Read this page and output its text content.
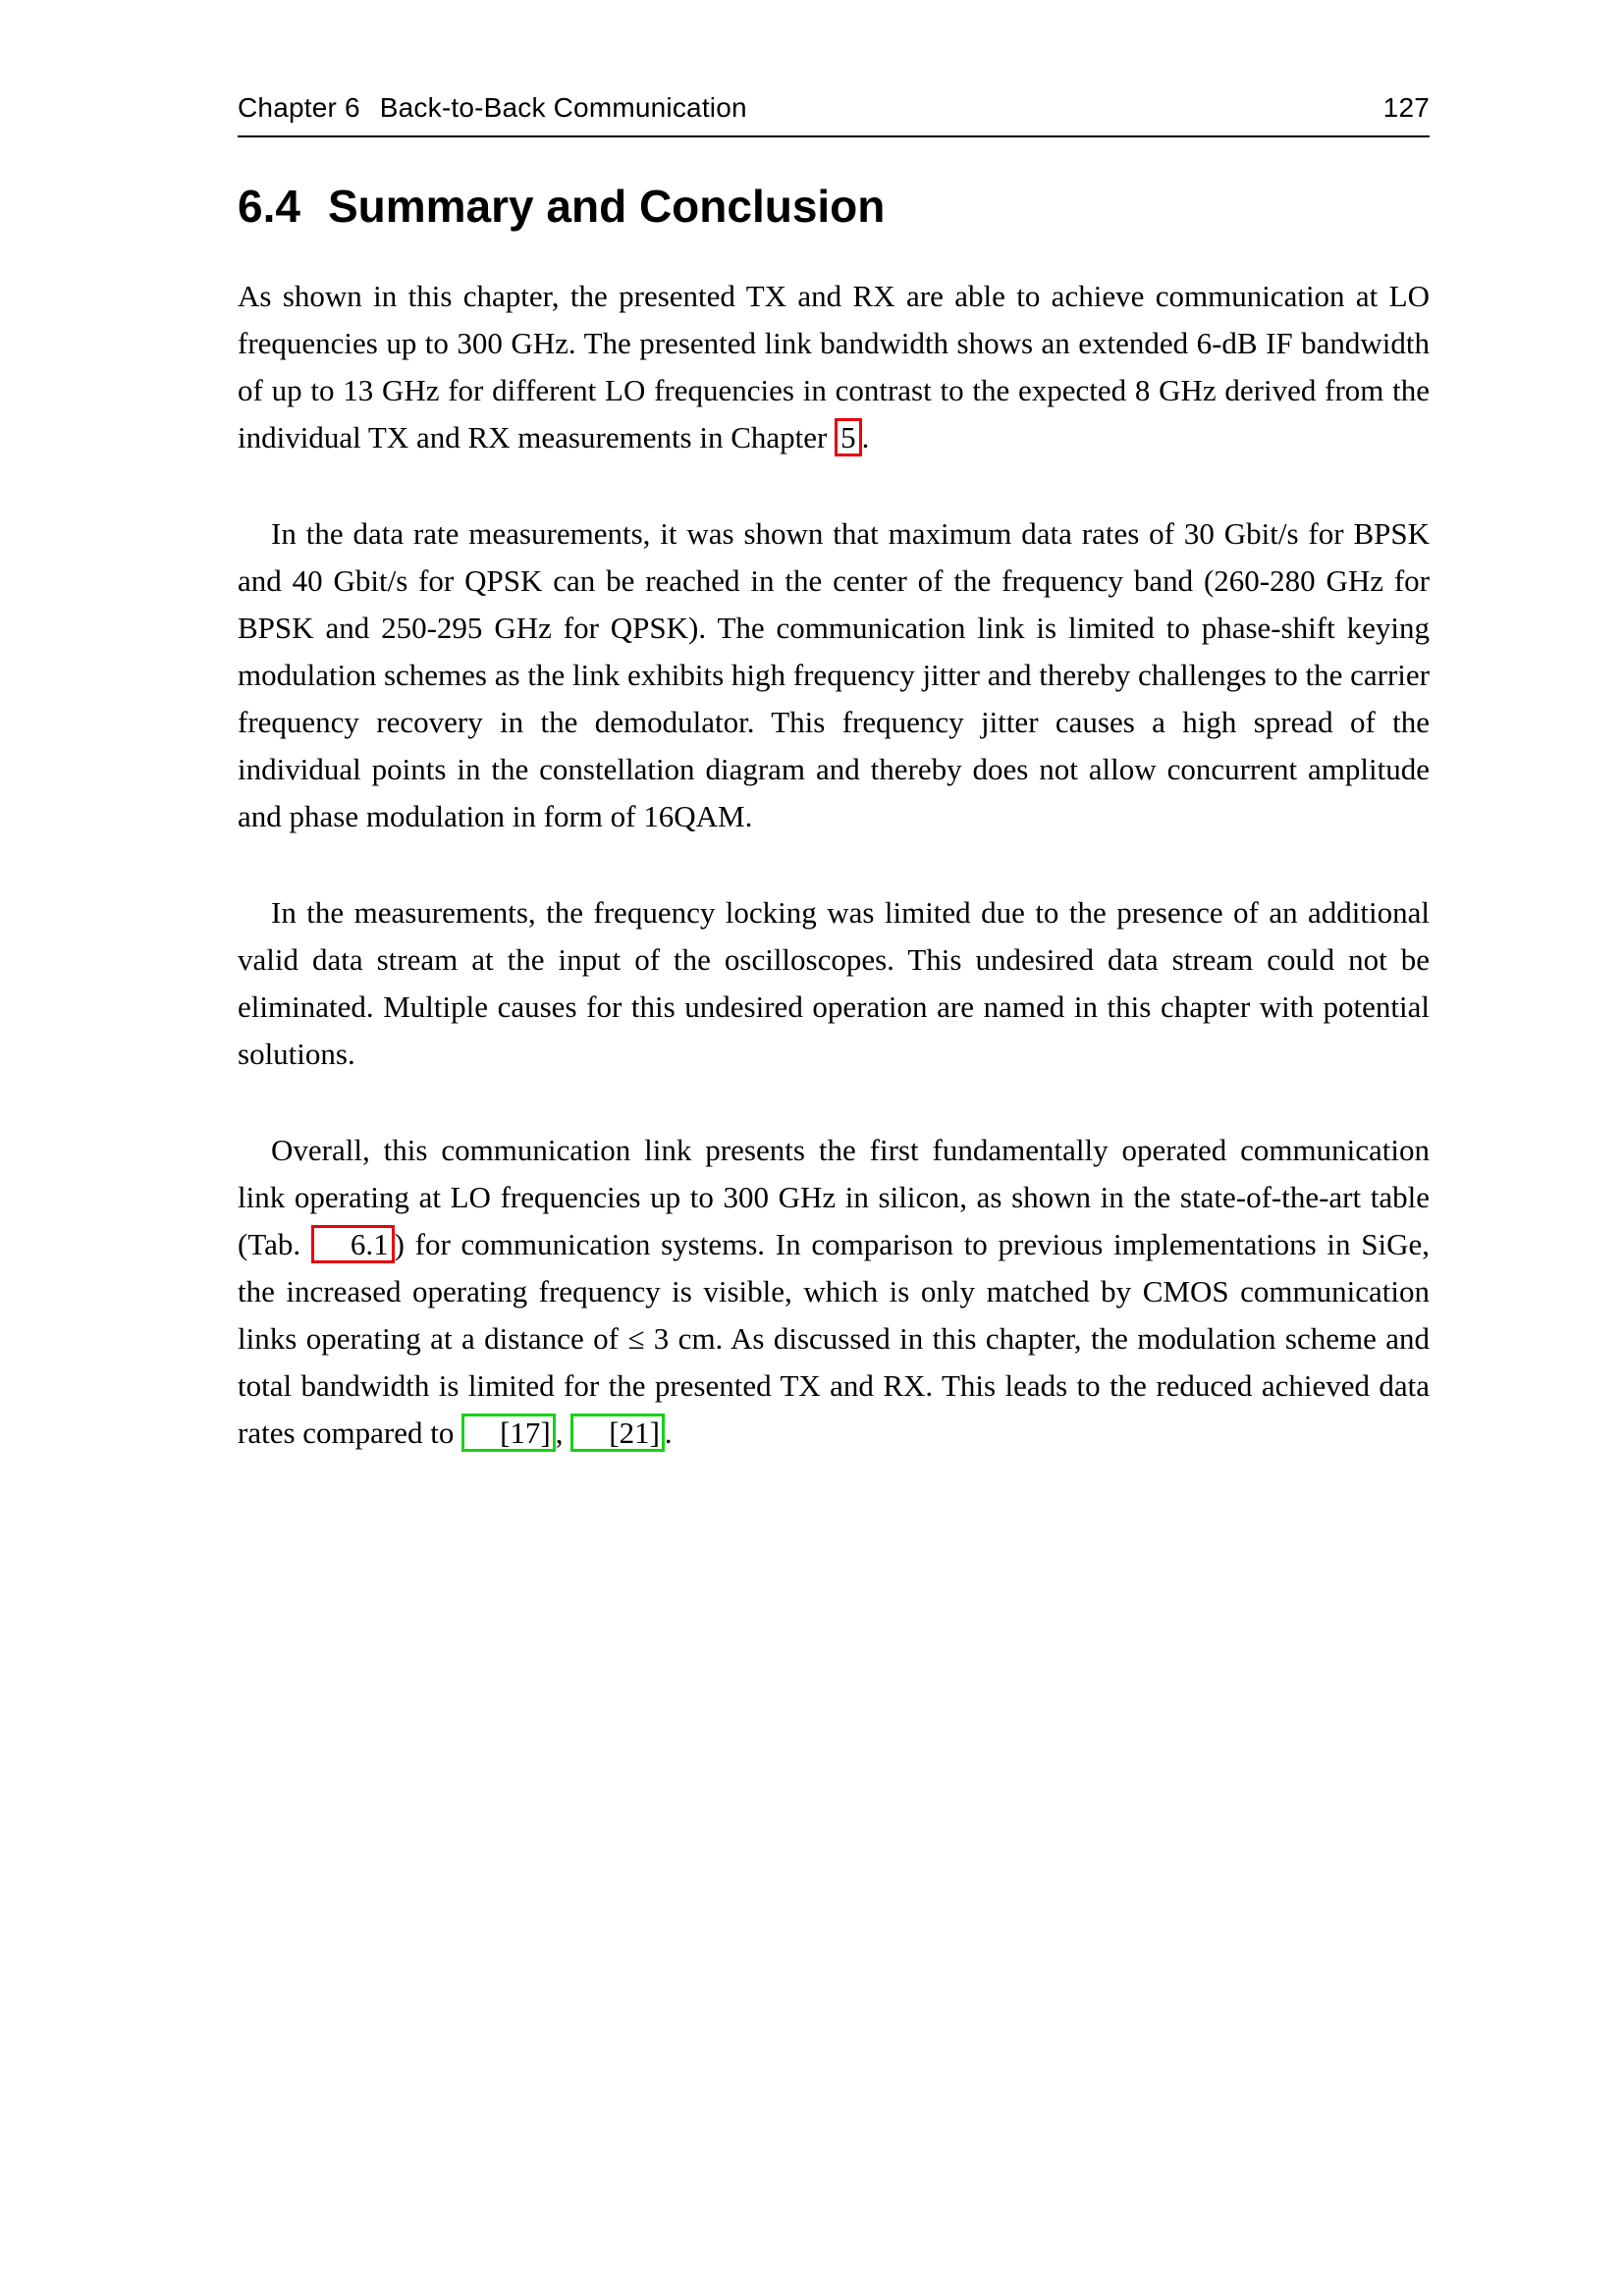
Chapter 6 Back-to-Back Communication	127
6.4 Summary and Conclusion

As shown in this chapter, the presented TX and RX are able to achieve communication at LO frequencies up to 300 GHz. The presented link bandwidth shows an extended 6-dB IF bandwidth of up to 13 GHz for different LO frequencies in contrast to the expected 8 GHz derived from the individual TX and RX measurements in Chapter 5 .

In the data rate measurements, it was shown that maximum data rates of 30 Gbit/s for BPSK and 40 Gbit/s for QPSK can be reached in the center of the frequency band (260-280 GHz for BPSK and 250-295 GHz for QPSK). The communication link is limited to phase-shift keying modulation schemes as the link exhibits high frequency jitter and thereby challenges to the carrier frequency recovery in the demodulator. This frequency jitter causes a high spread of the individual points in the constellation diagram and thereby does not allow concurrent amplitude and phase modulation in form of 16QAM.

In the measurements, the frequency locking was limited due to the presence of an additional valid data stream at the input of the oscilloscopes. This undesired data stream could not be eliminated. Multiple causes for this undesired operation are named in this chapter with potential solutions.

Overall, this communication link presents the first fundamentally operated communication link operating at LO frequencies up to 300 GHz in silicon, as shown in the state-of-the-art table (Tab. 6.1 ) for communication systems. In comparison to previous implementations in SiGe, the increased operating frequency is visible, which is only matched by CMOS communication links operating at a distance of ≤ 3 cm. As discussed in this chapter, the modulation scheme and total bandwidth is limited for the presented TX and RX. This leads to the reduced achieved data rates compared to [17] , [21] .
